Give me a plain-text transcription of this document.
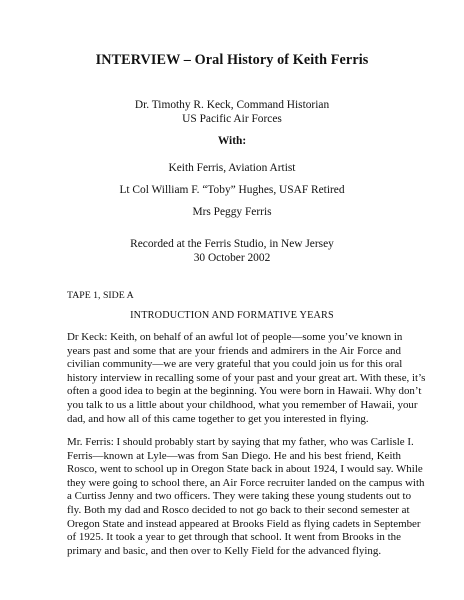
INTERVIEW – Oral History of Keith Ferris
Dr. Timothy R. Keck, Command Historian
US Pacific Air Forces
With:
Keith Ferris, Aviation Artist
Lt Col William F. “Toby” Hughes, USAF Retired
Mrs Peggy Ferris
Recorded at the Ferris Studio, in New Jersey
30 October 2002
TAPE 1, SIDE A
INTRODUCTION AND FORMATIVE YEARS
Dr Keck: Keith, on behalf of an awful lot of people—some you’ve known in
years past and some that are your friends and admirers in the Air Force and
civilian community—we are very grateful that you could join us for this oral
history interview in recalling some of your past and your great art. With these, it’s
often a good idea to begin at the beginning. You were born in Hawaii. Why don’t
you talk to us a little about your childhood, what you remember of Hawaii, your
dad, and how all of this came together to get you interested in flying.
Mr. Ferris: I should probably start by saying that my father, who was Carlisle I.
Ferris—known at Lyle—was from San Diego. He and his best friend, Keith
Rosco, went to school up in Oregon State back in about 1924, I would say. While
they were going to school there, an Air Force recruiter landed on the campus with
a Curtiss Jenny and two officers. They were taking these young students out to
fly. Both my dad and Rosco decided to not go back to their second semester at
Oregon State and instead appeared at Brooks Field as flying cadets in September
of 1925. It took a year to get through that school. It went from Brooks in the
primary and basic, and then over to Kelly Field for the advanced flying.
